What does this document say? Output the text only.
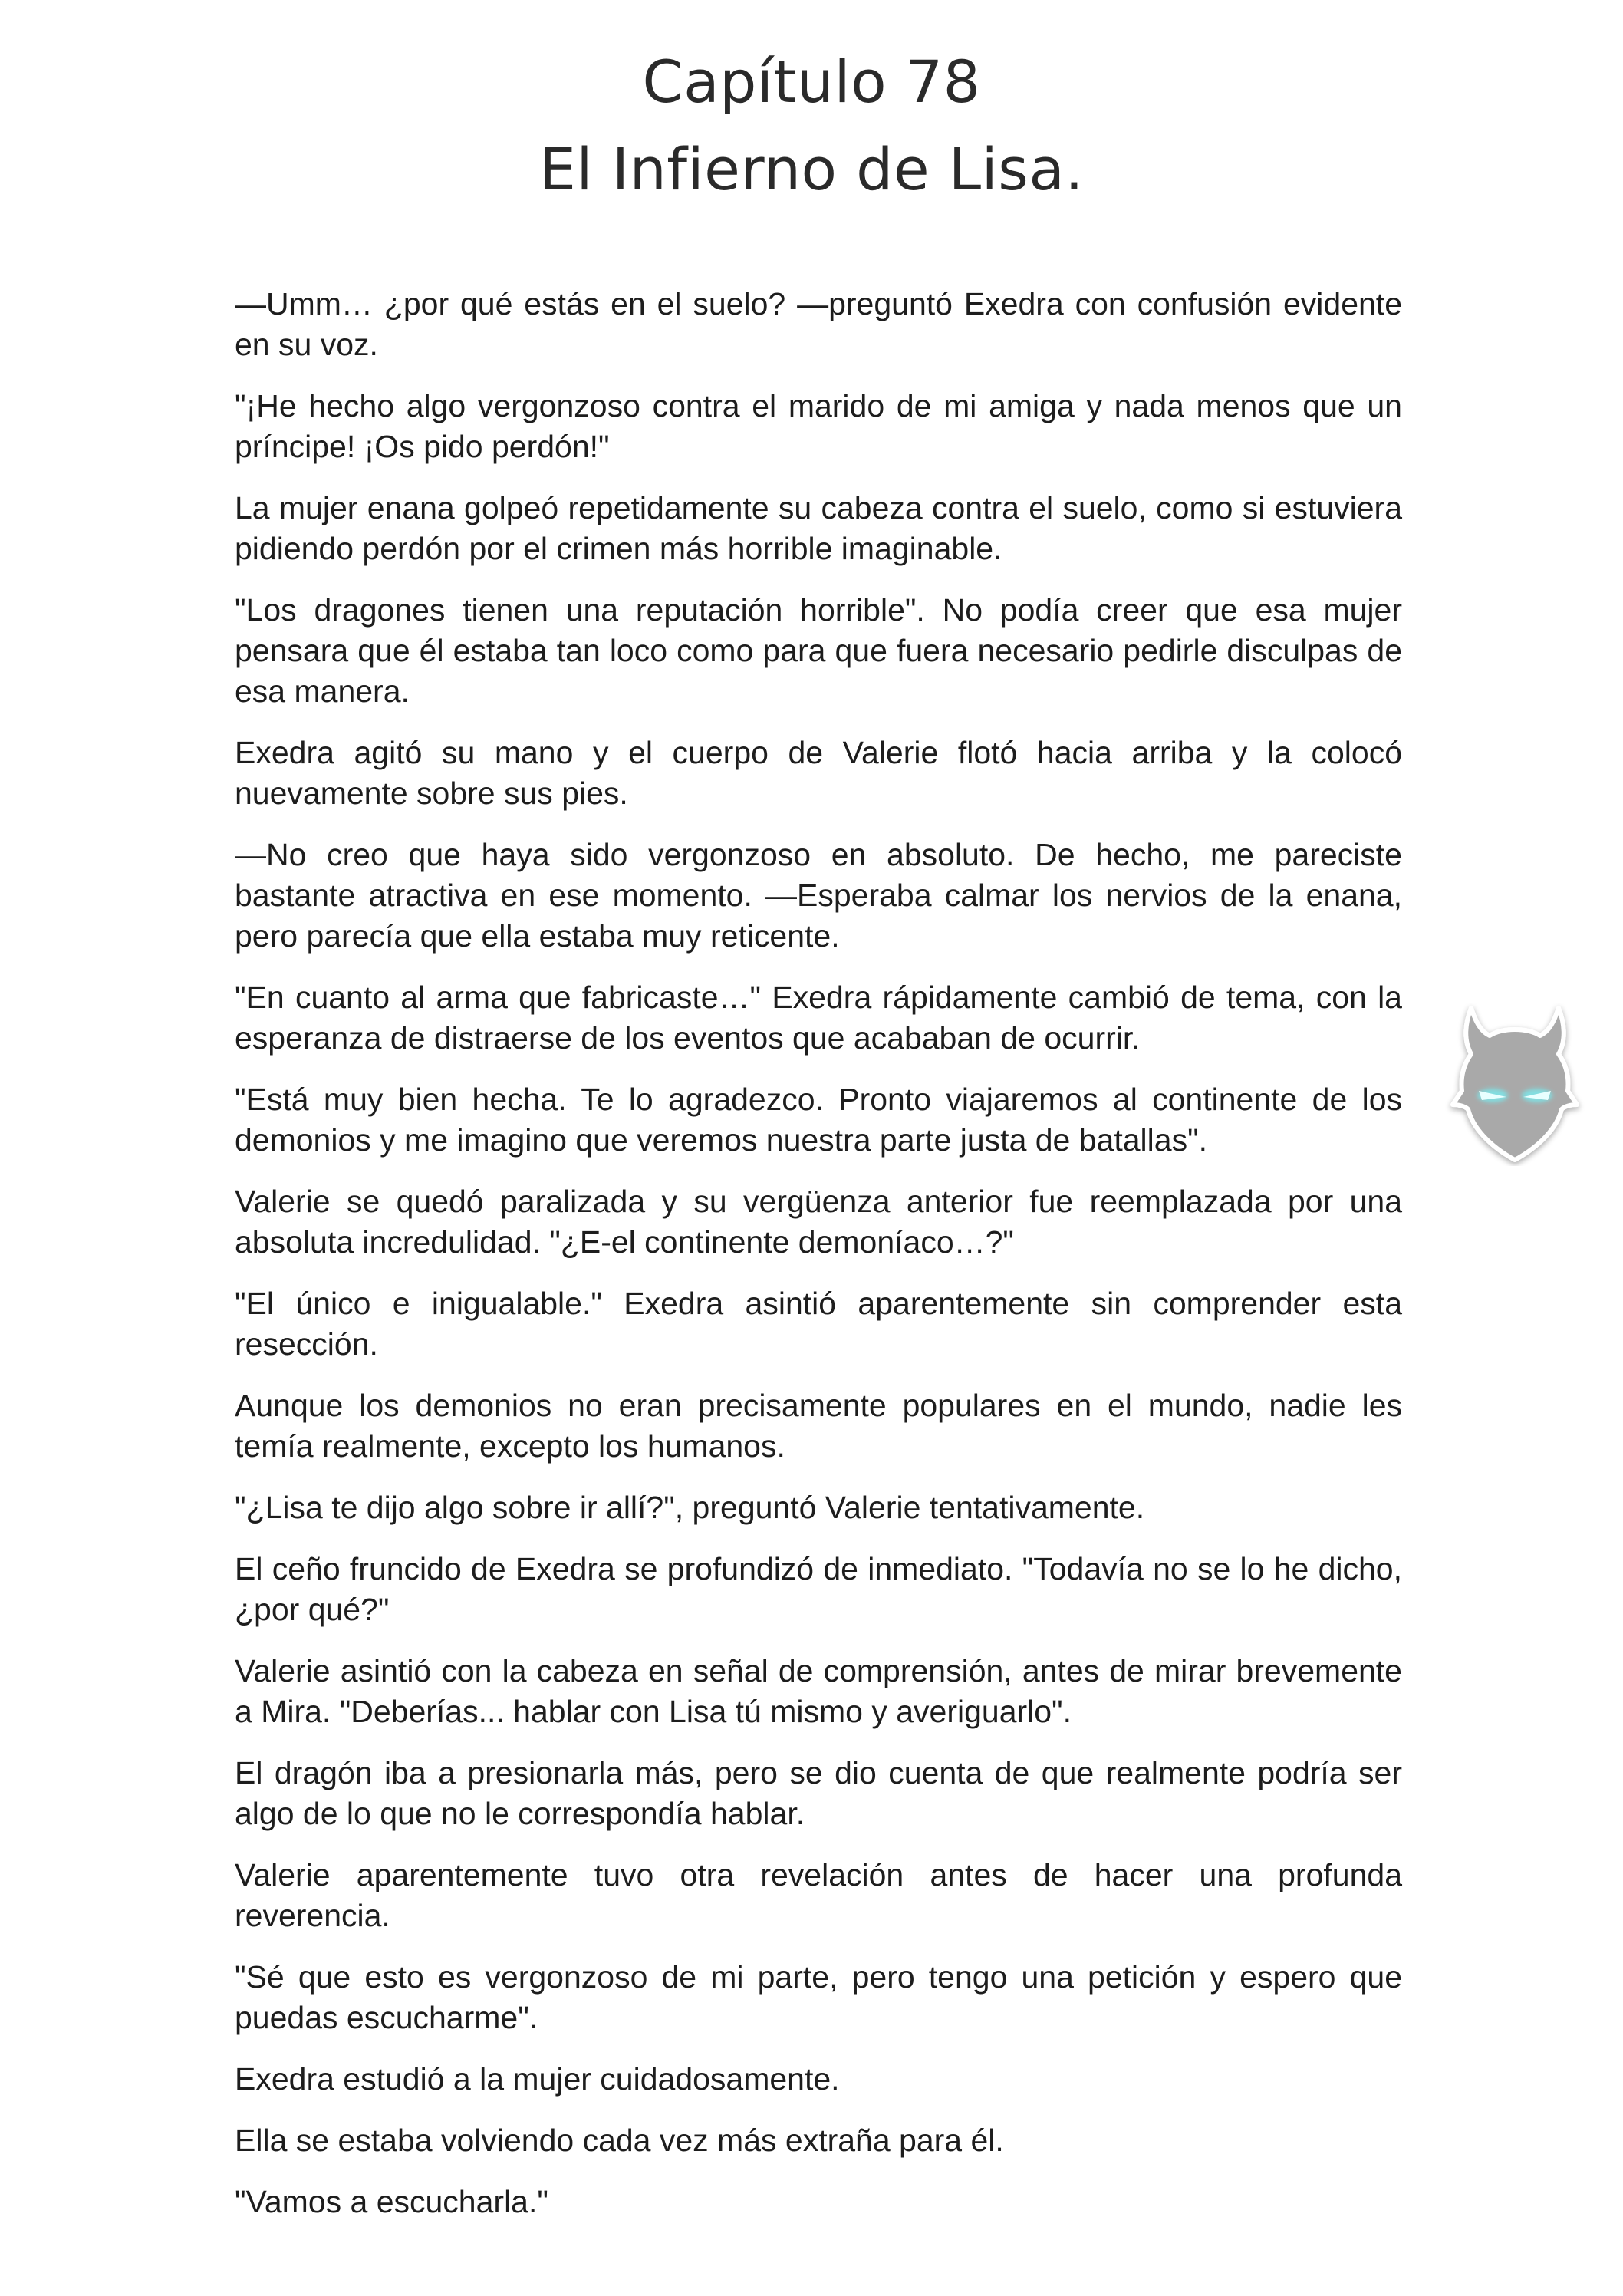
Capítulo 78
El Infierno de Lisa.

—Umm… ¿por qué estás en el suelo? —preguntó Exedra con confusión evidente en su voz.

"¡He hecho algo vergonzoso contra el marido de mi amiga y nada menos que un príncipe! ¡Os pido perdón!"

La mujer enana golpeó repetidamente su cabeza contra el suelo, como si estuviera pidiendo perdón por el crimen más horrible imaginable.

"Los dragones tienen una reputación horrible". No podía creer que esa mujer pensara que él estaba tan loco como para que fuera necesario pedirle disculpas de esa manera.

Exedra agitó su mano y el cuerpo de Valerie flotó hacia arriba y la colocó nuevamente sobre sus pies.

—No creo que haya sido vergonzoso en absoluto. De hecho, me pareciste bastante atractiva en ese momento. —Esperaba calmar los nervios de la enana, pero parecía que ella estaba muy reticente.

"En cuanto al arma que fabricaste…" Exedra rápidamente cambió de tema, con la esperanza de distraerse de los eventos que acababan de ocurrir.

"Está muy bien hecha. Te lo agradezco. Pronto viajaremos al continente de los demonios y me imagino que veremos nuestra parte justa de batallas".

Valerie se quedó paralizada y su vergüenza anterior fue reemplazada por una absoluta incredulidad. "¿E-el continente demoníaco…?"

"El único e inigualable." Exedra asintió aparentemente sin comprender esta resección.

Aunque los demonios no eran precisamente populares en el mundo, nadie les temía realmente, excepto los humanos.

"¿Lisa te dijo algo sobre ir allí?", preguntó Valerie tentativamente.

El ceño fruncido de Exedra se profundizó de inmediato. "Todavía no se lo he dicho, ¿por qué?"

Valerie asintió con la cabeza en señal de comprensión, antes de mirar brevemente a Mira. "Deberías... hablar con Lisa tú mismo y averiguarlo".

El dragón iba a presionarla más, pero se dio cuenta de que realmente podría ser algo de lo que no le correspondía hablar.

Valerie aparentemente tuvo otra revelación antes de hacer una profunda reverencia.

"Sé que esto es vergonzoso de mi parte, pero tengo una petición y espero que puedas escucharme".

Exedra estudió a la mujer cuidadosamente.

Ella se estaba volviendo cada vez más extraña para él.

"Vamos a escucharla."
